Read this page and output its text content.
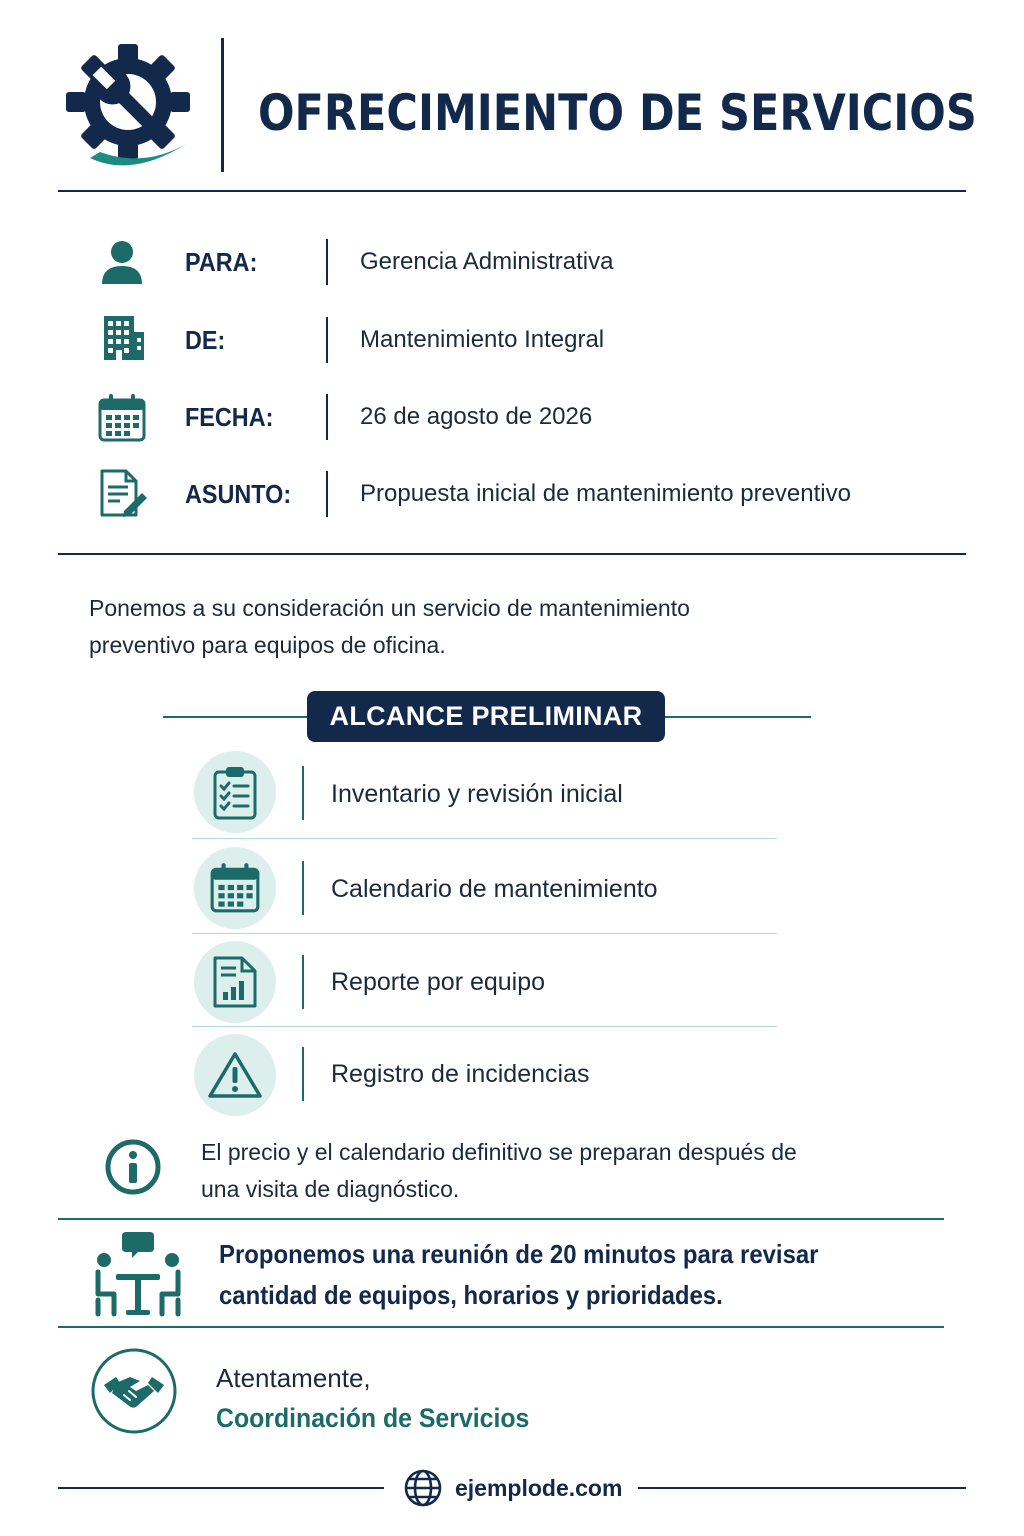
OFRECIMIENTO DE SERVICIOS
PARA:	Gerencia Administrativa
DE:	Mantenimiento Integral
FECHA:	26 de agosto de 2026
ASUNTO:	Propuesta inicial de mantenimiento preventivo
Ponemos a su consideración un servicio de mantenimiento preventivo para equipos de oficina.
ALCANCE PRELIMINAR
Inventario y revisión inicial
Calendario de mantenimiento
Reporte por equipo
Registro de incidencias
El precio y el calendario definitivo se preparan después de una visita de diagnóstico.
Proponemos una reunión de 20 minutos para revisar cantidad de equipos, horarios y prioridades.
Atentamente,
Coordinación de Servicios
ejemplode.com
